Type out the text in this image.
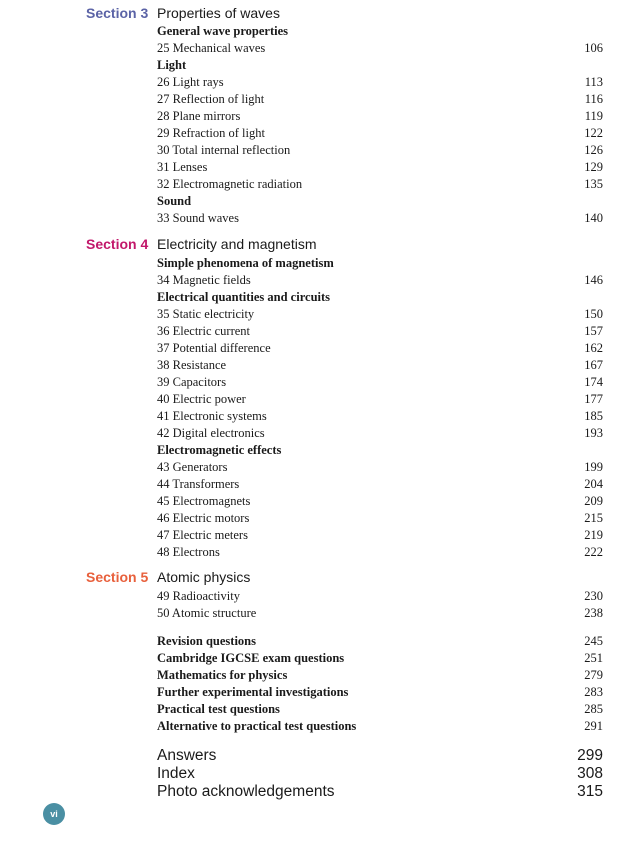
Section 3 Properties of waves
General wave properties
25 Mechanical waves	106
Light
26 Light rays	113
27 Reflection of light	116
28 Plane mirrors	119
29 Refraction of light	122
30 Total internal reflection	126
31 Lenses	129
32 Electromagnetic radiation	135
Sound
33 Sound waves	140
Section 4 Electricity and magnetism
Simple phenomena of magnetism
34 Magnetic fields	146
Electrical quantities and circuits
35 Static electricity	150
36 Electric current	157
37 Potential difference	162
38 Resistance	167
39 Capacitors	174
40 Electric power	177
41 Electronic systems	185
42 Digital electronics	193
Electromagnetic effects
43 Generators	199
44 Transformers	204
45 Electromagnets	209
46 Electric motors	215
47 Electric meters	219
48 Electrons	222
Section 5 Atomic physics
49 Radioactivity	230
50 Atomic structure	238
Revision questions	245
Cambridge IGCSE exam questions	251
Mathematics for physics	279
Further experimental investigations	283
Practical test questions	285
Alternative to practical test questions	291
Answers	299
Index	308
Photo acknowledgements	315
vi
